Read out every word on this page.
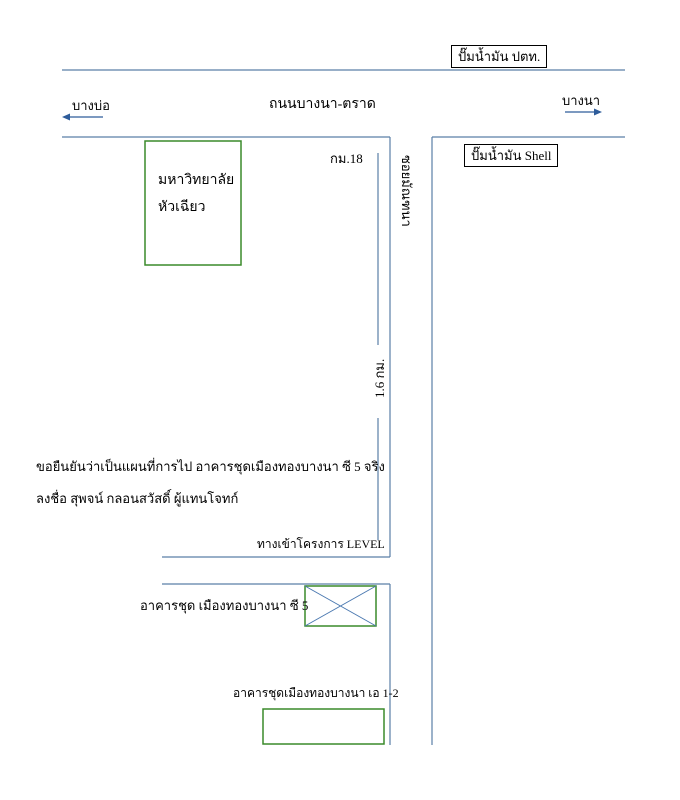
ปั๊มน้ำมัน ปตท.
ถนนบางนา-ตราด
บางบ่อ	บางนา
ปั๊มน้ำมัน Shell
มหาวิทยาลัย
หัวเฉียว
กม.18	ซอยมัณฑนา
1.6 กม.
ขอยืนยันว่าเป็นแผนที่การไป อาคารชุดเมืองทองบางนา ซี 5 จริง
ลงชื่อ สุพจน์ กลอนสวัสดิ์ ผู้แทนโจทก์
ทางเข้าโครงการ LEVEL
อาคารชุด เมืองทองบางนา ซี 5
อาคารชุดเมืองทองบางนา เอ 1-2
